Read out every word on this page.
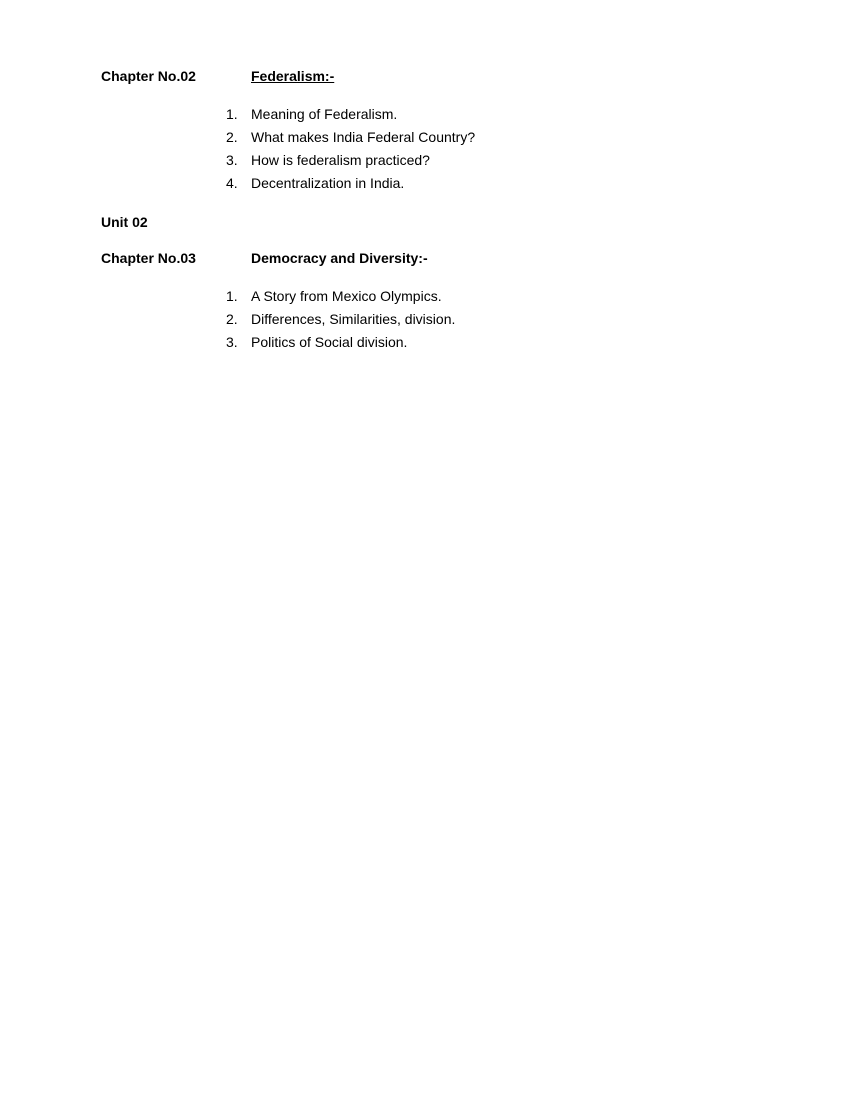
Chapter No.02	Federalism:-
1. Meaning of Federalism.
2. What makes India Federal Country?
3. How is federalism practiced?
4. Decentralization in India.
Unit 02
Chapter No.03	Democracy and Diversity:-
1. A Story from Mexico Olympics.
2. Differences, Similarities, division.
3. Politics of Social division.
